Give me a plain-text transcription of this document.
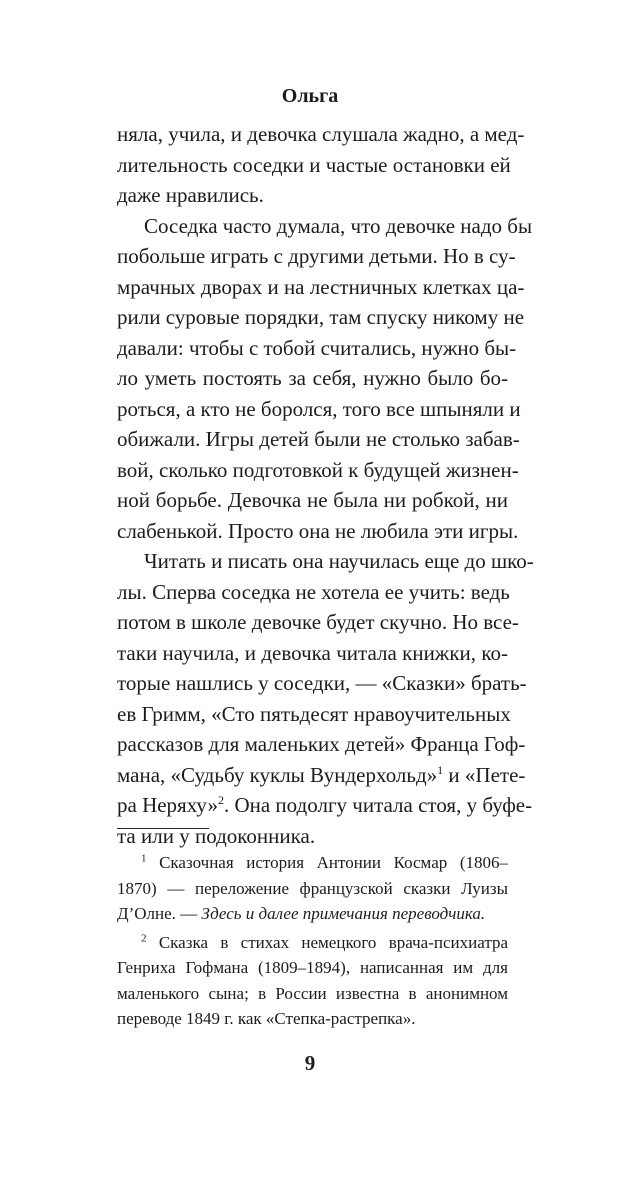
Ольга
няла, учила, и девочка слушала жадно, а мед-
лительность соседки и частые остановки ей
даже нравились.
Соседка часто думала, что девочке надо бы
побольше играть с другими детьми. Но в су-
мрачных дворах и на лестничных клетках ца-
рили суровые порядки, там спуску никому не
давали: чтобы с тобой считались, нужно бы-
ло уметь постоять за себя, нужно было бо-
роться, а кто не боролся, того все шпыняли и
обижали. Игры детей были не столько забав-
вой, сколько подготовкой к будущей жизнен-
ной борьбе. Девочка не была ни робкой, ни
слабенькой. Просто она не любила эти игры.
Читать и писать она научилась еще до шко-
лы. Сперва соседка не хотела ее учить: ведь
потом в школе девочке будет скучно. Но все-
таки научила, и девочка читала книжки, ко-
торые нашлись у соседки, — «Сказки» брать-
ев Гримм, «Сто пятьдесят нравоучительных
рассказов для маленьких детей» Франца Гоф-
мана, «Судьбу куклы Вундерхольд»$^1$ и «Пете-
ра Неряху»$^2$. Она подолгу читала стоя, у буфе-
та или у подоконника.
$^1$ Сказочная история Антонии Космар (1806–
1870) — переложение французской сказки Луизы
Д’Олне. — Здесь и далее примечания переводчика.
$^2$ Сказка в стихах немецкого врача-психиатра
Генриха Гофмана (1809–1894), написанная им для
маленького сына; в России известна в анонимном
переводе 1849 г. как «Степка-растрепка».
9
